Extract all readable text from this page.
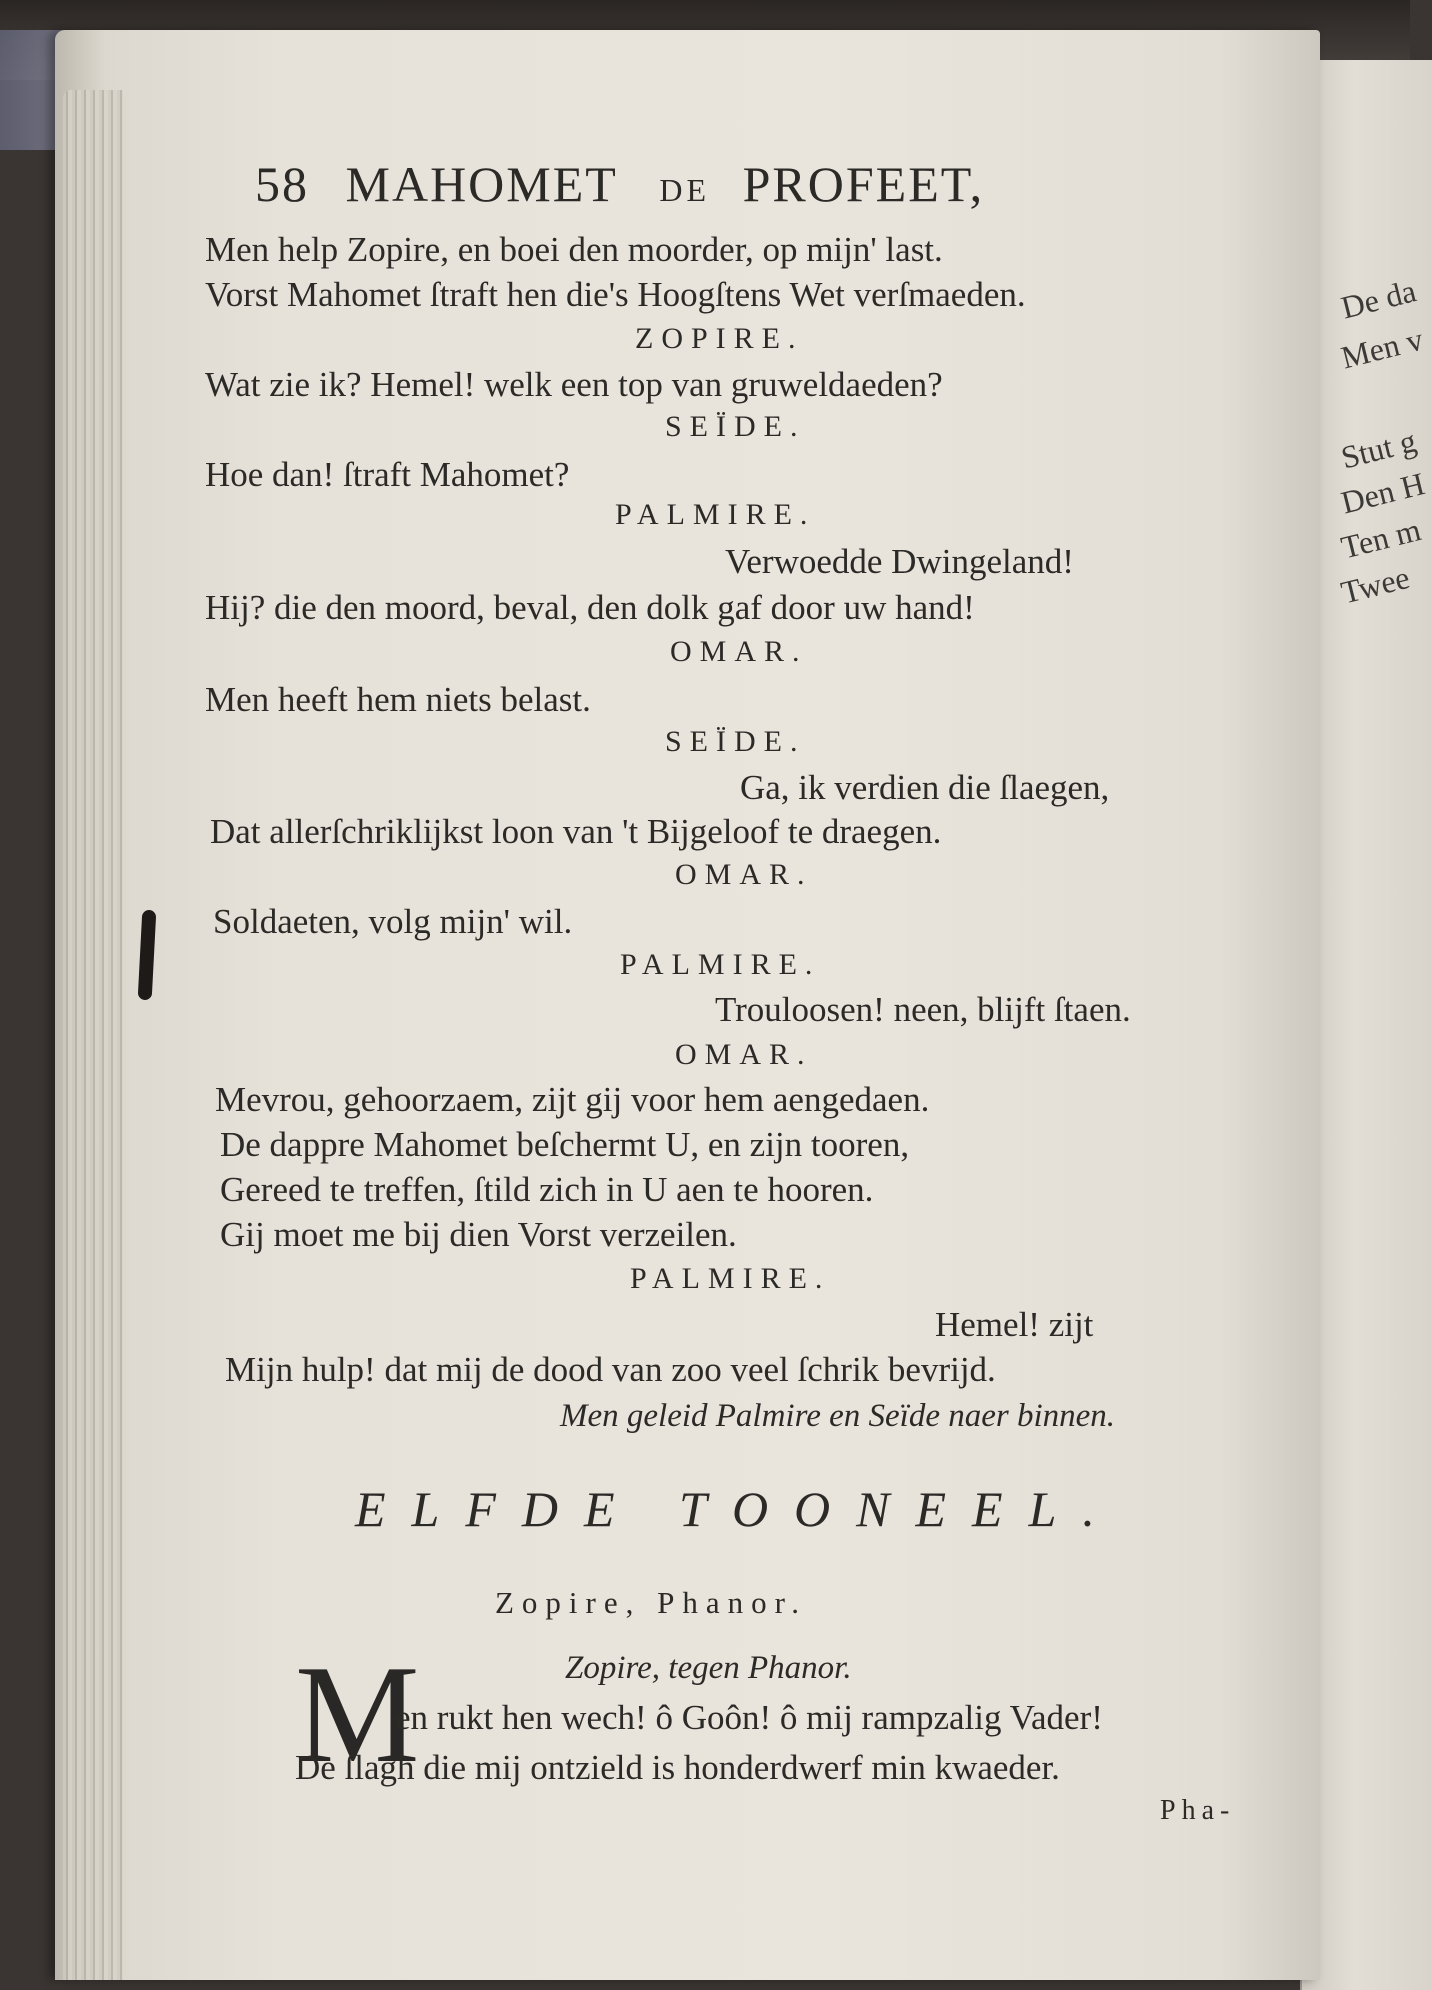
De da
Men v
Stut g
Den H
Ten m
Twee
58 MAHOMET DE PROFEET,
Men help Zopire, en boei den moorder, op mijn' last.
Vorst Mahomet ſtraft hen die's Hoogſtens Wet verſmaeden.
ZOPIRE.
Wat zie ik? Hemel! welk een top van gruweldaeden?
SEÏDE.
Hoe dan! ſtraft Mahomet?
PALMIRE.
Verwoedde Dwingeland!
Hij? die den moord, beval, den dolk gaf door uw hand!
OMAR.
Men heeft hem niets belast.
SEÏDE.
Ga, ik verdien die ſlaegen,
Dat allerſchriklijkst loon van 't Bijgeloof te draegen.
OMAR.
Soldaeten, volg mijn' wil.
PALMIRE.
Trouloosen! neen, blijft ſtaen.
OMAR.
Mevrou, gehoorzaem, zijt gij voor hem aengedaen.
De dappre Mahomet beſchermt U, en zijn tooren,
Gereed te treffen, ſtild zich in U aen te hooren.
Gij moet me bij dien Vorst verzeilen.
PALMIRE.
Hemel! zijt
Mijn hulp! dat mij de dood van zoo veel ſchrik bevrijd.
Men geleid Palmire en Seïde naer binnen.
ELFDE TOONEEL.
Zopire, Phanor.
Zopire, tegen Phanor.
M
en rukt hen wech! ô Goôn! ô mij rampzalig Vader!
De ſlagh die mij ontzield is honderdwerf min kwaeder.
Pha-
